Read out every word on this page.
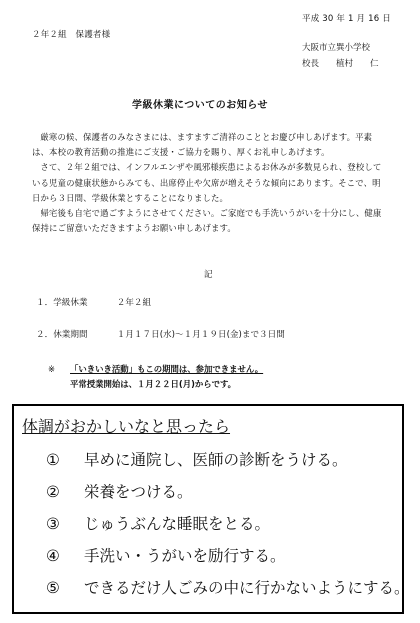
平成 30 年 1 月 16 日
２年２組　保護者様
大阪市立巽小学校
校長　　植村　　仁
学級休業についてのお知らせ

厳寒の候、保護者のみなさまには、ますますご清祥のこととお慶び申しあげます。平素は、本校の教育活動の推進にご支援・ご協力を賜り、厚くお礼申しあげます。

さて、２年２組では、インフルエンザや風邪様疾患によるお休みが多数見られ、登校している児童の健康状態からみても、出席停止や欠席が増えそうな傾向にあります。そこで、明日から３日間、学級休業とすることになりました。

帰宅後も自宅で過ごすようにさせてください。ご家庭でも手洗いうがいを十分にし、健康保持にご留意いただきますようお願い申しあげます。

記
１．学級休業	２年２組
２．休業期間	１月１７日(水)～１月１９日(金)まで３日間
※ 「いきいき活動」もこの期間は、参加できません。
平常授業開始は、１月２２日(月)からです。
体調がおかしいなと思ったら
① 早めに通院し、医師の診断をうける。
② 栄養をつける。
③ じゅうぶんな睡眠をとる。
④ 手洗い・うがいを励行する。
⑤ できるだけ人ごみの中に行かないようにする。
